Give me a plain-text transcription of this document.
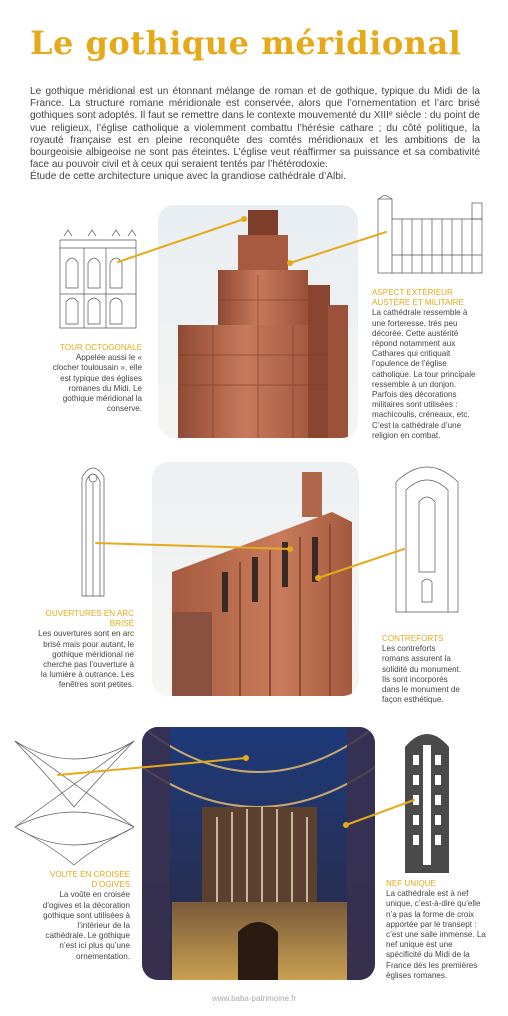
Le gothique méridional

Le gothique méridional est un étonnant mélange de roman et de gothique, typique du Midi de la France. La structure romane méridionale est conservée, alors que l’ornementation et l’arc brisé gothiques sont adoptés. Il faut se remettre dans le contexte mouvementé du XIIIᵉ siècle : du point de vue religieux, l’église catholique a violemment combattu l’hérésie cathare ; du côté politique, la royauté française est en pleine reconquête des comtés méridionaux et les ambitions de la bourgeoisie albigeoise ne sont pas éteintes. L’église veut réaffirmer sa puissance et sa combativité face au pouvoir civil et à ceux qui seraient tentés par l’hétérodoxie.

Étude de cette architecture unique avec la grandiose cathédrale d’Albi.

TOUR OCTOGONALE
Appelée aussi le « clocher toulousain », elle est typique des églises romanes du Midi. Le gothique méridional la conserve.
ASPECT EXTÉRIEUR AUSTÈRE ET MILITAIRE
La cathédrale ressemble à une forteresse, très peu décorée. Cette austérité répond notamment aux Cathares qui critiquait l’opulence de l’église catholique. La tour principale ressemble à un donjon. Parfois des décorations militaires sont utilisées : machicoulis, créneaux, etc. C’est la cathédrale d’une religion en combat.
OUVERTURES EN ARC BRISÉ
Les ouvertures sont en arc brisé mais pour autant, le gothique méridional ne cherche pas l’ouverture à la lumière à outrance. Les fenêtres sont petites.
CONTREFORTS
Les contreforts romans assurent la solidité du monument. Ils sont incorporés dans le monument de façon esthétique.
VOUTE EN CROISÉE D’OGIVES
La voûte en croisée d’ogives et la décoration gothique sont utilisées à l’intérieur de la cathédrale. Le gothique n’est ici plus qu’une ornementation.
NEF UNIQUE
La cathédrale est à nef unique, c’est-à-dire qu’elle n’a pas la forme de croix apportée par le transept : c’est une salle immense. La nef unique est une spécificité du Midi de la France dès les premières églises romanes.
www.baba-patrimoine.fr
